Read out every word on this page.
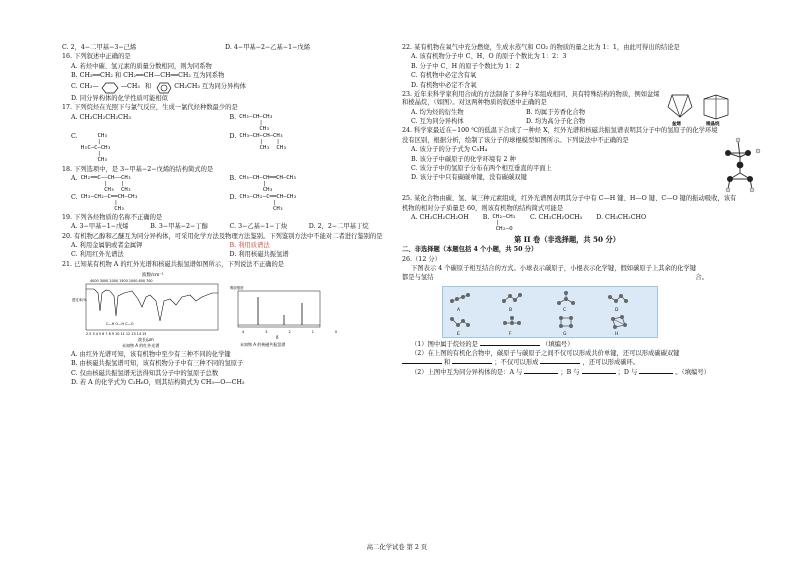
C. 2，4−二甲基−3−己烯	D. 4−甲基−2−乙基−1−戊烯
16. 下列叙述中正确的是
A. 若烃中碳、氢元素的质量分数相同，则为同系物
B. CH₂══CH₂ 和 CH₂══CH—CH══CH₂ 互为同系物
C. CH₃—	—CH₃ 和	CH₂CH₃ 互为同分异构体
D. 同分异构体的化学性质可能相似
17. 下列烷烃在光照下与氯气反应，生成一氯代烃种数最少的是
A. CH₃CH₂CH₂CH₃	B. CH₃—CH—CH₃
|
CH₃
C.	CH₃
|
H₃C—C—CH₃
|
CH₃
D. CH₃—CH—CH—CH₃
|    |
CH₃  CH₃
18. 下列选项中，是 3−甲基−2−戊烯的结构简式的是
A. CH₂══C——CH——CH₃
|    |
CH₃  CH₃
B. CH₃—CH—CH══CH—CH₃
|
CH₃
C. CH₃—CH₂—C══CH—CH₃
|
CH₃
D. CH₃—CH₂—C══CH—CH₃
|
CH₃
19. 下列各烃物质的名称不正确的是
A. 3−甲基−1−戊烯	B. 3−甲基−2−丁醇	C. 3−乙基−1−丁炔	D. 2，2−二甲基丁烷
20. 有机物乙醇和乙醚互为同分异构体，可采用化学方法及物理方法鉴别。下列鉴别方法中不能对二者进行鉴别的是
A. 利用金属钠或者金属钾	B. 利用质谱法
C. 利用红外光谱法	D. 利用核磁共振氢谱
21. 已知某有机物 A 的红外光谱和核磁共振氢谱如图所示，下列说法不正确的是
波数/cm⁻¹
4000 3000 2000 1500 1000 800 700
C—H O—H C—O
透过率/%
2.5 3 4 5 6 7 8 9 10 11 12 13 14 15
波长/μm
未知物 A 的红外光谱
吸收强度
4 3 2 1 0
δ
未知物 A 的核磁共振氢谱
A. 由红外光谱可知，该有机物中至少有三种不同的化学键
B. 由核磁共振氢谱可知，该有机物分子中有三种不同的氢原子
C. 仅由核磁共振氢谱无法得知其分子中的氢原子总数
D. 若 A 的化学式为 C₂H₆O，则其结构简式为 CH₃—O—CH₃
22. 某有机物在氧气中充分燃烧，生成水蒸气和 CO₂ 的物质的量之比为 1：1，由此可得出的结论是
A. 该有机物分子中 C、H、O 的原子个数比为 1：2：3
B. 分子中 C、H 的原子个数比为 1：2
C. 有机物中必定含有氧
D. 有机物中必定不含氧
23. 近年来科学家利用合成的方法制备了多种与苯组成相同、具有特殊结构的物质，例如盆烯和棱晶烷，（如图）。对这两种物质的叙述中正确的是
A. 均为烃的衍生物	B. 均属于芳香化合物
C. 互为同分异构体	D. 均为高分子化合物	盆烯	棱晶烷
24. 科学家最近在−100 ℃的低温下合成了一种烃 X，红外光谱和核磁共振氢谱表明其分子中的氢原子的化学环境
没有区别，根据分析，绘制了该分子的球棍模型如图所示。下列说法中不正确的是
A. 该分子的分子式为 C₅H₄
B. 该分子中碳原子的化学环境有 2 种
C. 该分子中的氢原子分布在两个相互垂直的平面上
D. 该分子中只有碳碳单键，没有碳碳双键
25. 某化合物由碳、氢、氧三种元素组成，红外光谱图表明其分子中有 C—H 键、H—O 键、C—O 键的振动吸收，该有
机物的相对分子质量是 60，则该有机物的结构简式可能是
A. CH₃CH₂CH₂OH B. CH₂—CH₂
|
CH₂—O
C. CH₃CH₂OCH₃ D. CH₃CH₂CHO
第 II 卷（非选择题，共 50 分）
二、非选择题（本题包括 4 个小题，共 50 分）
26.（12 分）
下图表示 4 个碳原子相互结合的方式。小球表示碳原子，小棍表示化学键，假如碳原子上其余的化学键
都是与氢结	合。
A	B	C	D
E	F	G	H
（1）图中属于烷烃的是	（填编号）
（2）在上图的有机化合物中，碳原子与碳原子之间不仅可以形成共价单键，还可以形成碳碳双键
和	；不仅可以形成	，还可以形成碳环。
（2）上图中互为同分异构体的是：A 与	；B 与	；D 与	。（填编号）
高二化学试卷 第 2 页
